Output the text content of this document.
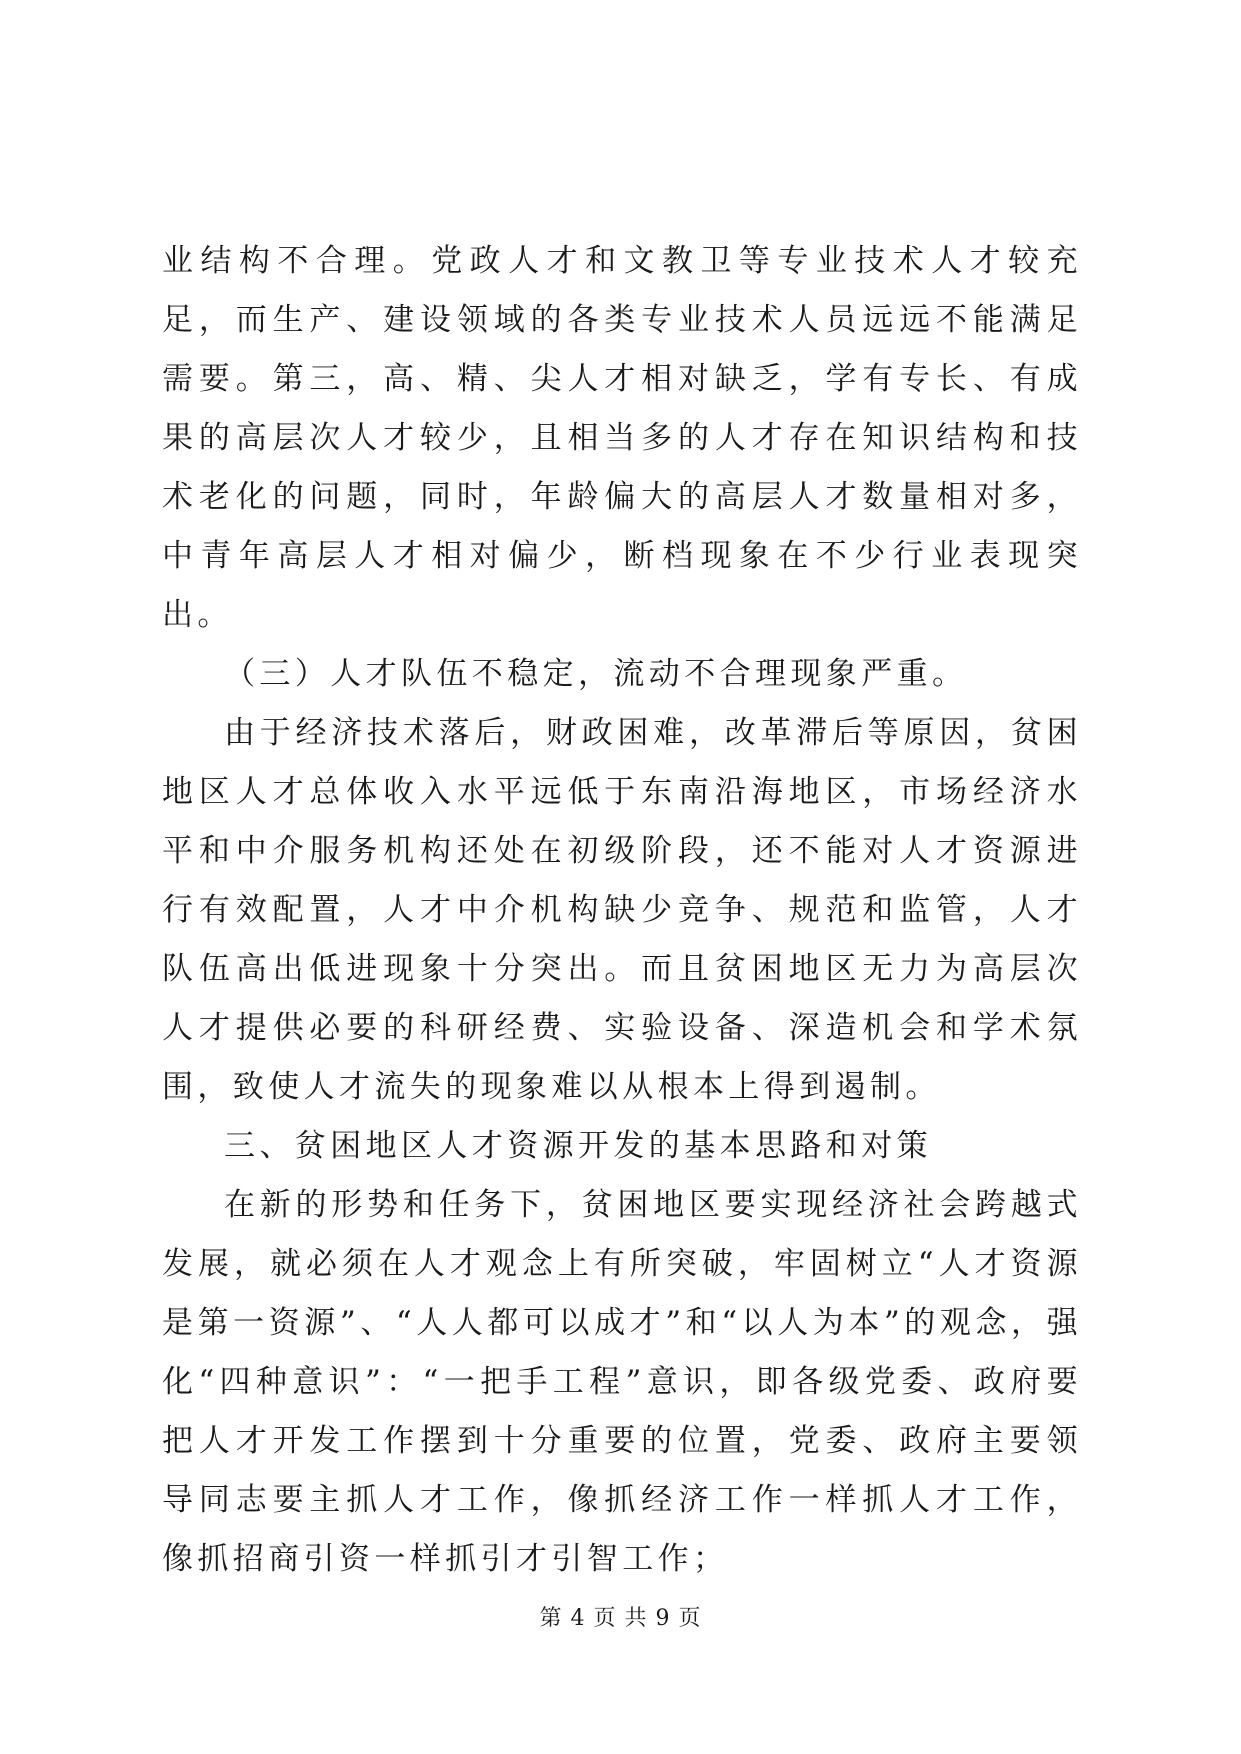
业结构不合理。党政人才和文教卫等专业技术人才较充足，而生产、建设领域的各类专业技术人员远远不能满足需要。第三，高、精、尖人才相对缺乏，学有专长、有成果的高层次人才较少，且相当多的人才存在知识结构和技术老化的问题，同时，年龄偏大的高层人才数量相对多，中青年高层人才相对偏少，断档现象在不少行业表现突出。

（三）人才队伍不稳定，流动不合理现象严重。

由于经济技术落后，财政困难，改革滞后等原因，贫困地区人才总体收入水平远低于东南沿海地区，市场经济水平和中介服务机构还处在初级阶段，还不能对人才资源进行有效配置，人才中介机构缺少竞争、规范和监管，人才队伍高出低进现象十分突出。而且贫困地区无力为高层次人才提供必要的科研经费、实验设备、深造机会和学术氛围，致使人才流失的现象难以从根本上得到遏制。

三、贫困地区人才资源开发的基本思路和对策

在新的形势和任务下，贫困地区要实现经济社会跨越式发展，就必须在人才观念上有所突破，牢固树立“人才资源是第一资源”、“人人都可以成才”和“以人为本”的观念，强化“四种意识”：“一把手工程”意识，即各级党委、政府要把人才开发工作摆到十分重要的位置，党委、政府主要领导同志要主抓人才工作，像抓经济工作一样抓人才工作，像抓招商引资一样抓引才引智工作；

第 4 页 共 9 页
